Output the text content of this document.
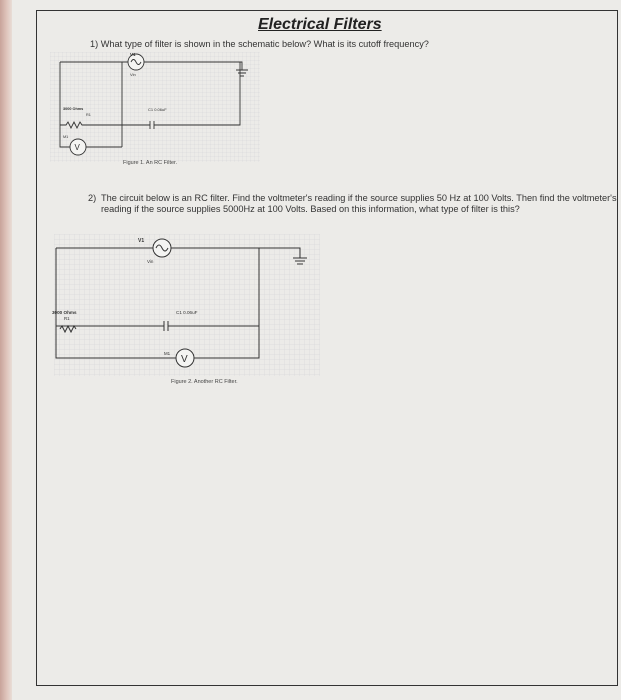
Electrical Filters

1) What type of filter is shown in the schematic below? What is its cutoff frequency?

V1
Vin
3000 Ohms
R1
C1 0.06uF
M1
V
Figure 1. An RC Filter.
2) The circuit below is an RC filter. Find the voltmeter's reading if the source supplies 50 Hz at 100 Volts. Then find the voltmeter's reading if the source supplies 5000Hz at 100 Volts. Based on this information, what type of filter is this?
V1
Vin
3000 Ohms
R1
C1 0.06uF
M1
V
Figure 2. Another RC Filter.
